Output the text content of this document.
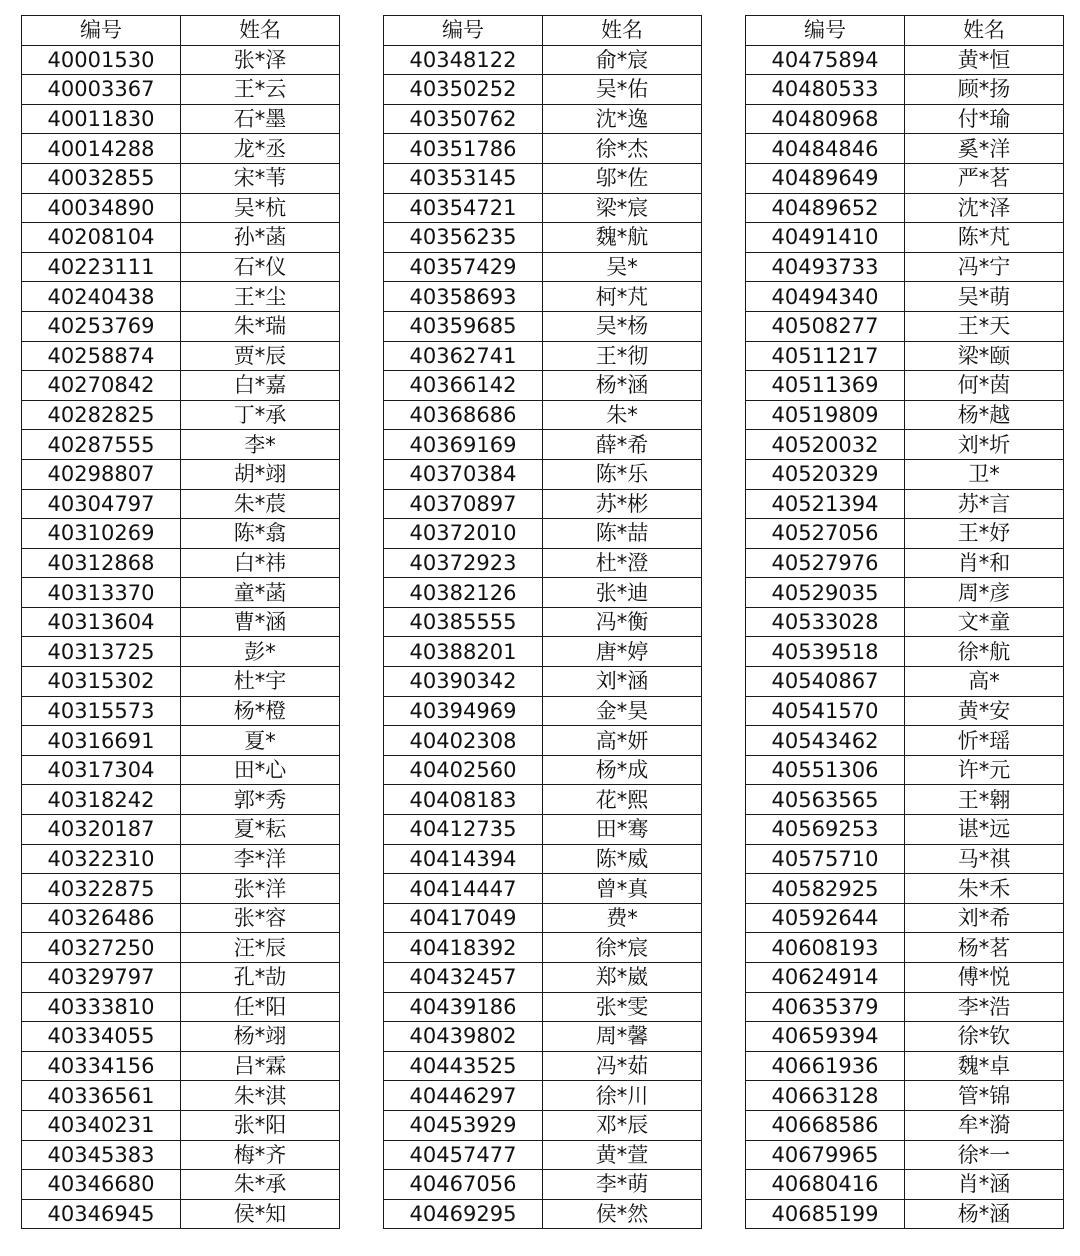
编号	姓名
40001530	张*泽
40003367	王*云
40011830	石*墨
40014288	龙*丞
40032855	宋*苇
40034890	吴*杭
40208104	孙*菡
40223111	石*仪
40240438	王*尘
40253769	朱*瑞
40258874	贾*辰
40270842	白*嘉
40282825	丁*承
40287555	李*
40298807	胡*翊
40304797	朱*莀
40310269	陈*翕
40312868	白*祎
40313370	童*菡
40313604	曹*涵
40313725	彭*
40315302	杜*宇
40315573	杨*橙
40316691	夏*
40317304	田*心
40318242	郭*秀
40320187	夏*耘
40322310	李*洋
40322875	张*洋
40326486	张*容
40327250	汪*辰
40329797	孔*劼
40333810	任*阳
40334055	杨*翊
40334156	吕*霖
40336561	朱*淇
40340231	张*阳
40345383	梅*齐
40346680	朱*承
40346945	侯*知
编号	姓名
40348122	俞*宸
40350252	吴*佑
40350762	沈*逸
40351786	徐*杰
40353145	邬*佐
40354721	梁*宸
40356235	魏*航
40357429	吴*
40358693	柯*芃
40359685	吴*杨
40362741	王*彻
40366142	杨*涵
40368686	朱*
40369169	薛*希
40370384	陈*乐
40370897	苏*彬
40372010	陈*喆
40372923	杜*澄
40382126	张*迪
40385555	冯*衡
40388201	唐*婷
40390342	刘*涵
40394969	金*昊
40402308	高*妍
40402560	杨*成
40408183	花*熙
40412735	田*骞
40414394	陈*威
40414447	曾*真
40417049	费*
40418392	徐*宸
40432457	郑*崴
40439186	张*雯
40439802	周*馨
40443525	冯*茹
40446297	徐*川
40453929	邓*辰
40457477	黄*萱
40467056	李*萌
40469295	侯*然
编号	姓名
40475894	黄*恒
40480533	顾*扬
40480968	付*瑜
40484846	奚*洋
40489649	严*茗
40489652	沈*泽
40491410	陈*芃
40493733	冯*宁
40494340	吴*萌
40508277	王*天
40511217	梁*颐
40511369	何*茵
40519809	杨*越
40520032	刘*圻
40520329	卫*
40521394	苏*言
40527056	王*妤
40527976	肖*和
40529035	周*彦
40533028	文*童
40539518	徐*航
40540867	高*
40541570	黄*安
40543462	忻*瑶
40551306	许*元
40563565	王*翱
40569253	谌*远
40575710	马*祺
40582925	朱*禾
40592644	刘*希
40608193	杨*茗
40624914	傅*悦
40635379	李*浩
40659394	徐*钦
40661936	魏*卓
40663128	管*锦
40668586	牟*漪
40679965	徐*一
40680416	肖*涵
40685199	杨*涵
